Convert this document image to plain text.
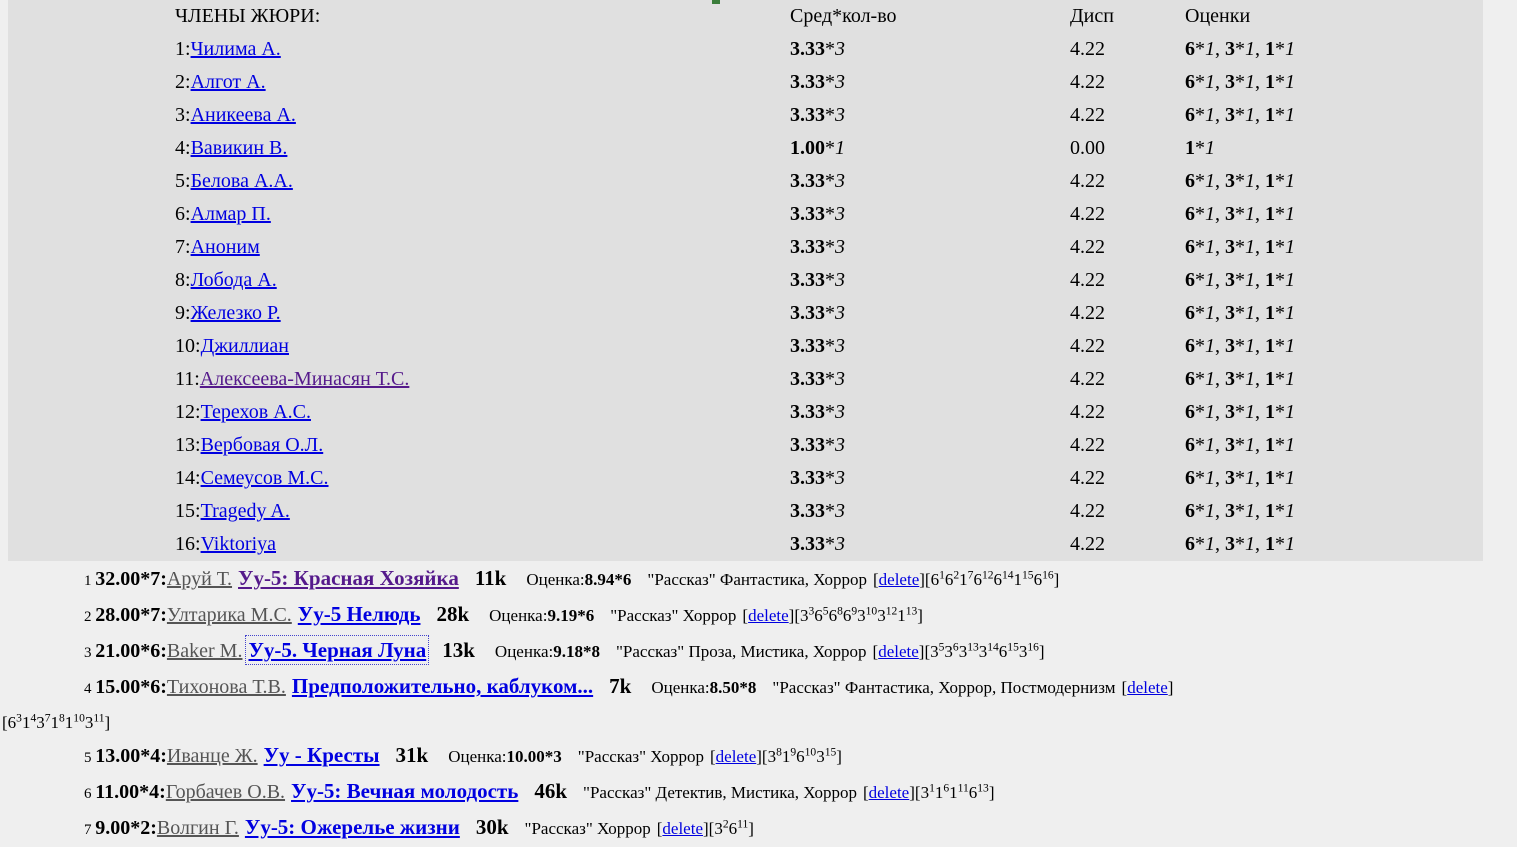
ЧЛЕНЫ ЖЮРИ:	Сред*кол-во	Дисп	Оценки
1:Чилима А.	3.33*3	4.22	6*1, 3*1, 1*1
2:Алгот А.	3.33*3	4.22	6*1, 3*1, 1*1
3:Аникеева А.	3.33*3	4.22	6*1, 3*1, 1*1
4:Вавикин В.	1.00*1	0.00	1*1
5:Белова А.А.	3.33*3	4.22	6*1, 3*1, 1*1
6:Алмар П.	3.33*3	4.22	6*1, 3*1, 1*1
7:Аноним	3.33*3	4.22	6*1, 3*1, 1*1
8:Лобода А.	3.33*3	4.22	6*1, 3*1, 1*1
9:Железко Р.	3.33*3	4.22	6*1, 3*1, 1*1
10:Джиллиан	3.33*3	4.22	6*1, 3*1, 1*1
11:Алексеева-Минасян Т.С.	3.33*3	4.22	6*1, 3*1, 1*1
12:Терехов А.С.	3.33*3	4.22	6*1, 3*1, 1*1
13:Вербовая О.Л.	3.33*3	4.22	6*1, 3*1, 1*1
14:Семеусов М.С.	3.33*3	4.22	6*1, 3*1, 1*1
15:Tragedy A.	3.33*3	4.22	6*1, 3*1, 1*1
16:Viktoriya	3.33*3	4.22	6*1, 3*1, 1*1
1 32.00*7:Аруй Т. Уу-5: Красная Хозяйка 11k Оценка:8.94*6 "Рассказ" Фантастика, Хоррор $[delete][6^16^21^76^{12}6^{14}1^{15}6^{16}]$
2 28.00*7:Ултарика М.С. Уу-5 Нелюдь 28k Оценка:9.19*6 "Рассказ" Хоррор $[delete][3^36^56^86^93^{10}3^{12}1^{13}]$
3 21.00*6:Baker M. Уу-5. Черная Луна 13k Оценка:9.18*8 "Рассказ" Проза, Мистика, Хоррор $[delete][3^53^63^{13}3^{14}6^{15}3^{16}]$
4 15.00*6:Тихонова Т.В. Предположительно, каблуком... 7k Оценка:8.50*8 "Рассказ" Фантастика, Хоррор, Постмодернизм [delete]
$[6^31^43^71^81^{10}3^{11}]$
5 13.00*4:Иванце Ж. Уу - Кресты 31k Оценка:10.00*3 "Рассказ" Хоррор $[delete][3^81^96^{10}3^{15}]$
6 11.00*4:Горбачев О.В. Уу-5: Вечная молодость 46k "Рассказ" Детектив, Мистика, Хоррор $[delete][3^11^61^{11}6^{13}]$
7 9.00*2:Волгин Г. Уу-5: Ожерелье жизни 30k "Рассказ" Хоррор $[delete][3^26^{11}]$
